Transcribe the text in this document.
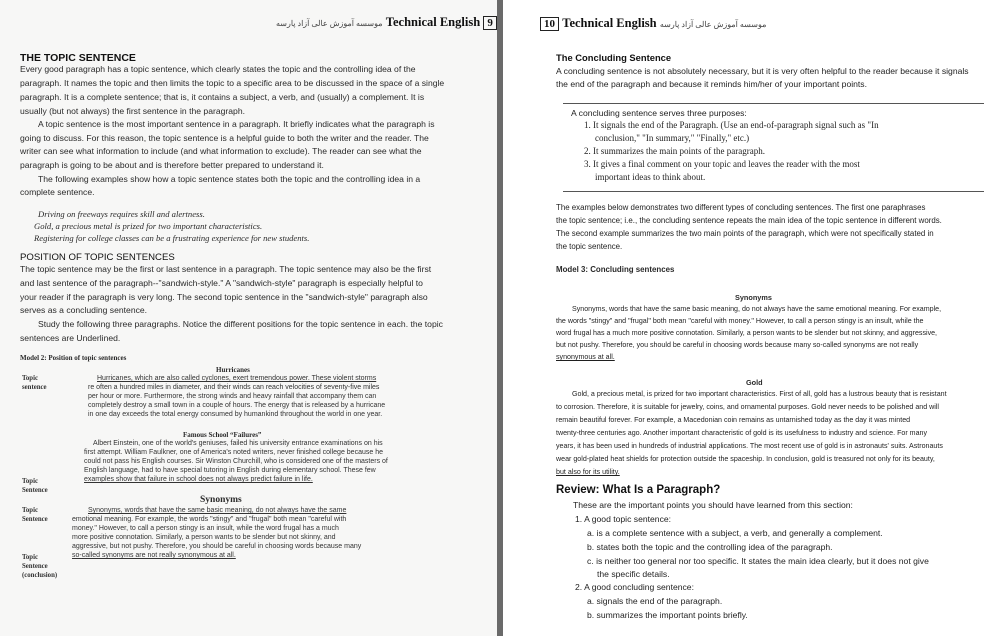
موسسه آموزش عالی آزاد پارسه Technical English 9
THE TOPIC SENTENCE
Every good paragraph has a topic sentence, which clearly states the topic and the controlling idea of the
paragraph. It names the topic and then limits the topic to a specific area to be discussed in the space of a single
paragraph. It is a complete sentence; that is, it contains a subject, a verb, and (usually) a complement. It is
usually (but not always) the first sentence in the paragraph.
A topic sentence is the most important sentence in a paragraph. It briefly indicates what the paragraph is
going to discuss. For this reason, the topic sentence is a helpful guide to both the writer and the reader. The
writer can see what information to include (and what information to exclude). The reader can see what the
paragraph is going to be about and is therefore better prepared to understand it.
The following examples show how a topic sentence states both the topic and the controlling idea in a
complete sentence.
Driving on freeways requires skill and alertness.
Gold, a precious metal is prized for two important characteristics.
Registering for college classes can be a frustrating experience for new students.
POSITION OF TOPIC SENTENCES
The topic sentence may be the first or last sentence in a paragraph. The topic sentence may also be the first
and last sentence of the paragraph--"sandwich-style." A "sandwich-style" paragraph is especially helpful to
your reader if the paragraph is very long. The second topic sentence in the "sandwich-style" paragraph also
serves as a concluding sentence.
Study the following three paragraphs. Notice the different positions for the topic sentence in each. the topic
sentences are Underlined.
Model 2: Position of topic sentences
Topic
sentence
Hurricanes
Hurricanes, which are also called cyclones, exert tremendous power. These violent storms
re often a hundred miles in diameter, and their winds can reach velocities of seventy-five miles
per hour or more. Furthermore, the strong winds and heavy rainfall that accompany them can
completely destroy a small town in a couple of hours. The energy that is released by a hurricane
in one day exceeds the total energy consumed by humankind throughout the world in one year.
Famous School “Failures”
Albert Einstein, one of the world's geniuses, failed his university entrance examinations on his
first attempt. William Faulkner, one of America's noted writers, never finished college because he
could not pass his English courses. Sir Winston Churchill, who is considered one of the masters of
English language, had to have special tutoring in English during elementary school. These few
examples show that failure in school does not always predict failure in life.
Topic
Sentence
Synonyms
Topic
Sentence
Synonyms, words that have the same basic meaning, do not always have the same
emotional meaning. For example, the words "stingy" and "frugal" both mean "careful with
money." However, to call a person stingy is an insult, while the word frugal has a much
more positive connotation. Similarly, a person wants to be slender but not skinny, and
aggressive, but not pushy. Therefore, you should be careful in choosing words because many
so-called synonyms are not really synonymous at all.
Topic
Sentence
(conclusion)
10 Technical English موسسه آموزش عالی آزاد پارسه
The Concluding Sentence
A concluding sentence is not absolutely necessary, but it is very often helpful to the reader because it signals
the end of the paragraph and because it reminds him/her of your important points.
A concluding sentence serves three purposes:
1. It signals the end of the Paragraph. (Use an end-of-paragraph signal such as "In
conclusion," "In summary," "Finally," etc.)
2. It summarizes the main points of the paragraph.
3. It gives a final comment on your topic and leaves the reader with the most
important ideas to think about.
The examples below demonstrates two different types of concluding sentences. The first one paraphrases
the topic sentence; i.e., the concluding sentence repeats the main idea of the topic sentence in different words.
The second example summarizes the two main points of the paragraph, which were not specifically stated in
the topic sentence.
Model 3: Concluding sentences
Synonyms
Synonyms, words that have the same basic meaning, do not always have the same emotional meaning. For example,
the words "stingy" and "frugal" both mean "careful with money." However, to call a person stingy is an insult, while the
word frugal has a much more positive connotation. Similarly, a person wants to be slender but not skinny, and aggressive,
but not pushy. Therefore, you should be careful in choosing words because many so-called synonyms are not really
synonymous at all.
Gold
Gold, a precious metal, is prized for two important characteristics. First of all, gold has a lustrous beauty that is resistant
to corrosion. Therefore, it is suitable for jewelry, coins, and ornamental purposes. Gold never needs to be polished and will
remain beautiful forever. For example, a Macedonian coin remains as untarnished today as the day it was minted
twenty-three centuries ago. Another important characteristic of gold is its usefulness to industry and science. For many
years, it has been used in hundreds of industrial applications. The most recent use of gold is in astronauts' suits. Astronauts
wear gold-plated heat shields for protection outside the spaceship. In conclusion, gold is treasured not only for its beauty,
but also for its utility.
Review: What Is a Paragraph?
These are the important points you should have learned from this section:
1. A good topic sentence:
a. is a complete sentence with a subject, a verb, and generally a complement.
b. states both the topic and the controlling idea of the paragraph.
c. is neither too general nor too specific. It states the main idea clearly, but it does not give
the specific details.
2. A good concluding sentence:
a. signals the end of the paragraph.
b. summarizes the important points briefly.
